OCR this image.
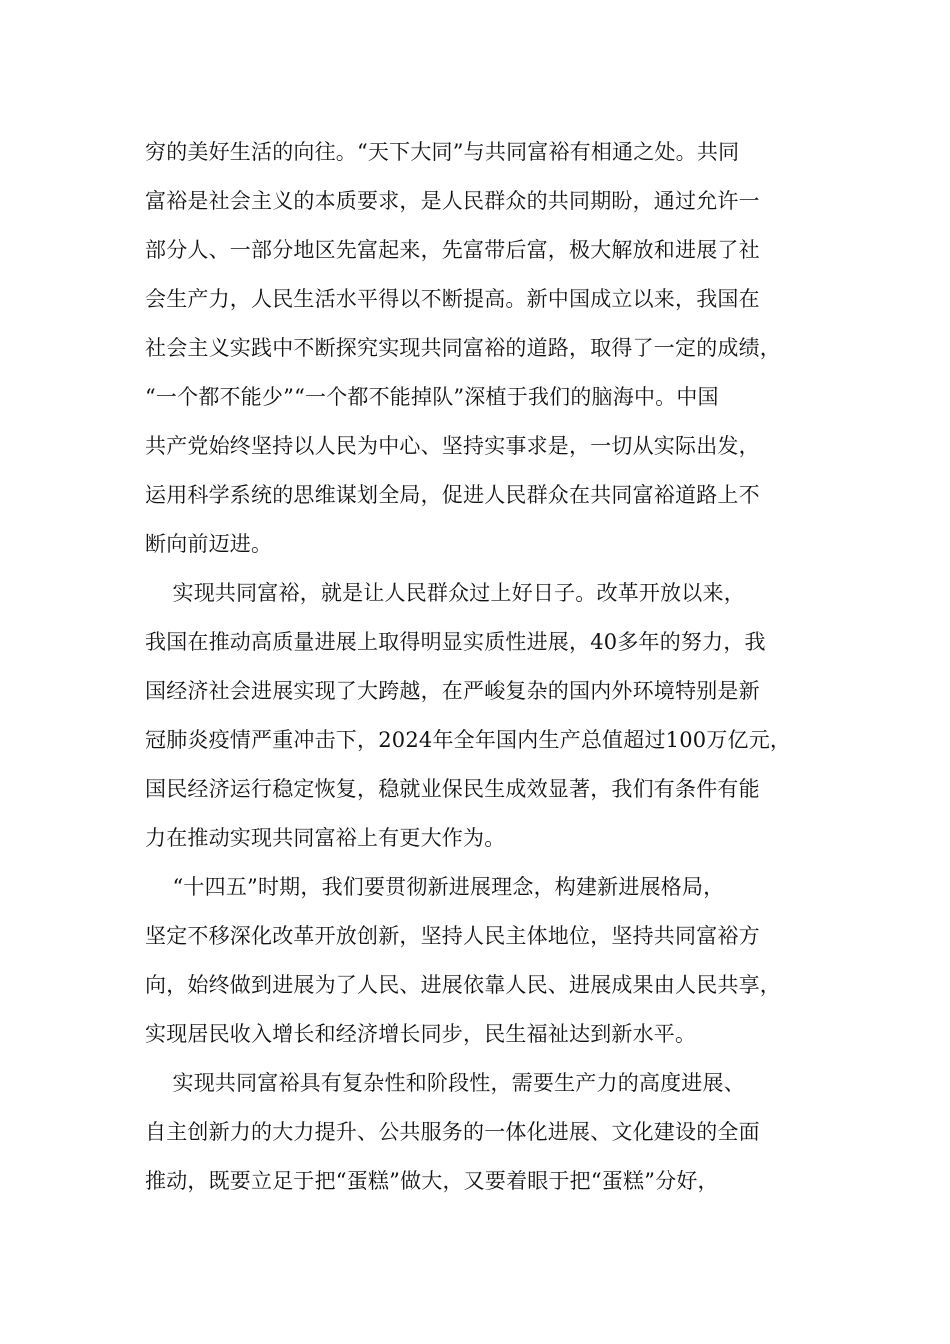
穷的美好生活的向往。“天下大同”与共同富裕有相通之处。共同
富裕是社会主义的本质要求，是人民群众的共同期盼，通过允许一
部分人、一部分地区先富起来，先富带后富，极大解放和进展了社
会生产力，人民生活水平得以不断提高。新中国成立以来，我国在
社会主义实践中不断探究实现共同富裕的道路，取得了一定的成绩，
“一个都不能少”“一个都不能掉队”深植于我们的脑海中。中国
共产党始终坚持以人民为中心、坚持实事求是，一切从实际出发，
运用科学系统的思维谋划全局，促进人民群众在共同富裕道路上不
断向前迈进。
实现共同富裕，就是让人民群众过上好日子。改革开放以来，
我国在推动高质量进展上取得明显实质性进展，40多年的努力，我
国经济社会进展实现了大跨越，在严峻复杂的国内外环境特别是新
冠肺炎疫情严重冲击下，2024年全年国内生产总值超过100万亿元，
国民经济运行稳定恢复，稳就业保民生成效显著，我们有条件有能
力在推动实现共同富裕上有更大作为。
“十四五”时期，我们要贯彻新进展理念，构建新进展格局，
坚定不移深化改革开放创新，坚持人民主体地位，坚持共同富裕方
向，始终做到进展为了人民、进展依靠人民、进展成果由人民共享，
实现居民收入增长和经济增长同步，民生福祉达到新水平。
实现共同富裕具有复杂性和阶段性，需要生产力的高度进展、
自主创新力的大力提升、公共服务的一体化进展、文化建设的全面
推动，既要立足于把“蛋糕”做大，又要着眼于把“蛋糕”分好，
